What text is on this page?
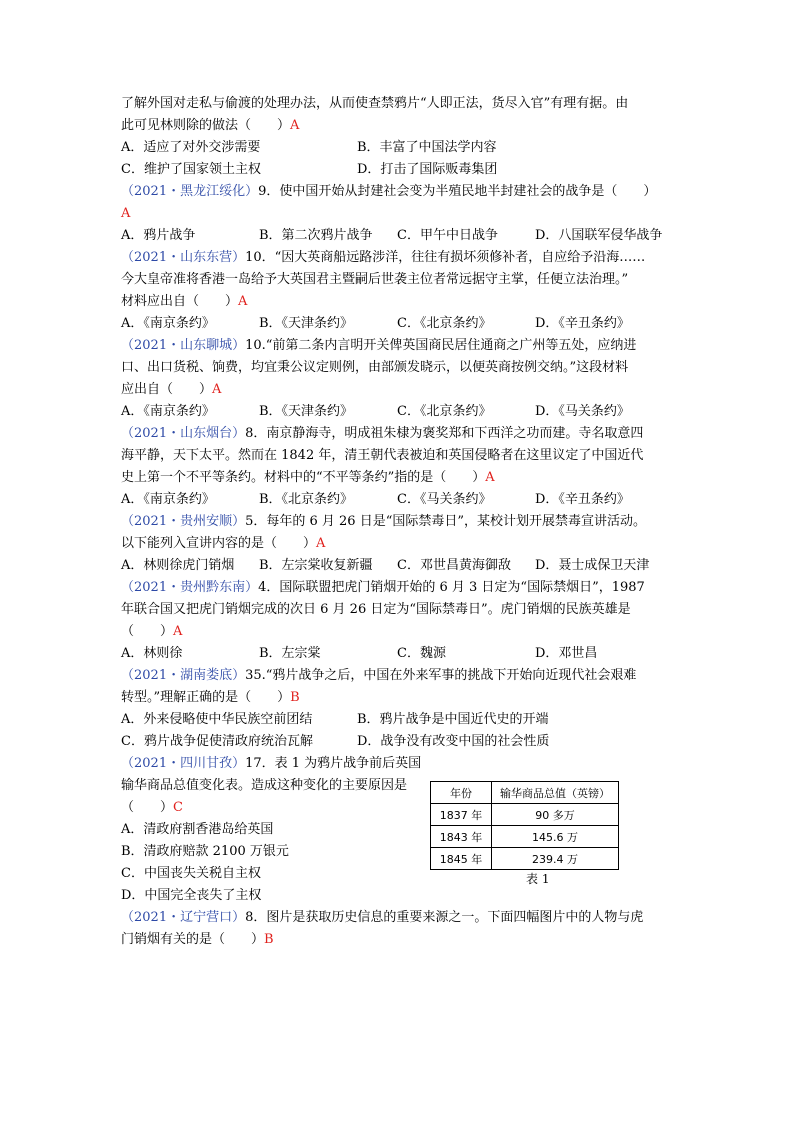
了解外国对走私与偷渡的处理办法，从而使查禁鸦片“人即正法，货尽入官”有理有据。由

此可见林则除的做法（　　）A

A．适应了对外交涉需要	B．丰富了中国法学内容
C．维护了国家领土主权	D．打击了国际贩毒集团

（2021・黑龙江绥化）9．使中国开始从封建社会变为半殖民地半封建社会的战争是（　　）

A

A．鸦片战争	B．第二次鸦片战争	C．甲午中日战争	D．八国联军侵华战争

（2021・山东东营）10．“因大英商船远路涉洋，往往有损坏须修补者，自应给予沿海……

今大皇帝准将香港一岛给予大英国君主暨嗣后世袭主位者常远据守主掌，任便立法治理。”

材料应出自（　　）A

A．《南京条约》	B．《天津条约》	C．《北京条约》	D．《辛丑条约》

（2021・山东聊城）10.“前第二条内言明开关俾英国商民居住通商之广州等五处，应纳进

口、出口货税、饷费，均宜秉公议定则例，由部颁发晓示，以便英商按例交纳。”这段材料

应出自（　　）A

A．《南京条约》	B．《天津条约》	C．《北京条约》	D．《马关条约》

（2021・山东烟台）8．南京静海寺，明成祖朱棣为褒奖郑和下西洋之功而建。寺名取意四

海平静，天下太平。然而在 1842 年，清王朝代表被迫和英国侵略者在这里议定了中国近代

史上第一个不平等条约。材料中的“不平等条约”指的是（　　）A

A．《南京条约》	B．《北京条约》	C．《马关条约》	D．《辛丑条约》

（2021・贵州安顺）5．每年的 6 月 26 日是“国际禁毒日”，某校计划开展禁毒宣讲活动。

以下能列入宣讲内容的是（　　）A

A．林则徐虎门销烟	B．左宗棠收复新疆	C．邓世昌黄海御敌	D．聂士成保卫天津

（2021・贵州黔东南）4．国际联盟把虎门销烟开始的 6 月 3 日定为“国际禁烟日”，1987

年联合国又把虎门销烟完成的次日 6 月 26 日定为“国际禁毒日”。虎门销烟的民族英雄是

（　　）A

A．林则徐	B．左宗棠	C．魏源	D．邓世昌

（2021・湖南娄底）35.“鸦片战争之后，中国在外来军事的挑战下开始向近现代社会艰难

转型。”理解正确的是（　　）B

A．外来侵略使中华民族空前团结	B．鸦片战争是中国近代史的开端
C．鸦片战争促使清政府统治瓦解	D．战争没有改变中国的社会性质

（2021・四川甘孜）17．表 1 为鸦片战争前后英国

输华商品总值变化表。造成这种变化的主要原因是

（　　）C

A．清政府割香港岛给英国

B．清政府赔款 2100 万银元

C．中国丧失关税自主权

年份	输华商品总值（英镑）
1837 年	90 多万
1843 年	145.6 万
1845 年	239.4 万
表 1

D．中国完全丧失了主权

（2021・辽宁营口）8．图片是获取历史信息的重要来源之一。下面四幅图片中的人物与虎

门销烟有关的是（　　）B
